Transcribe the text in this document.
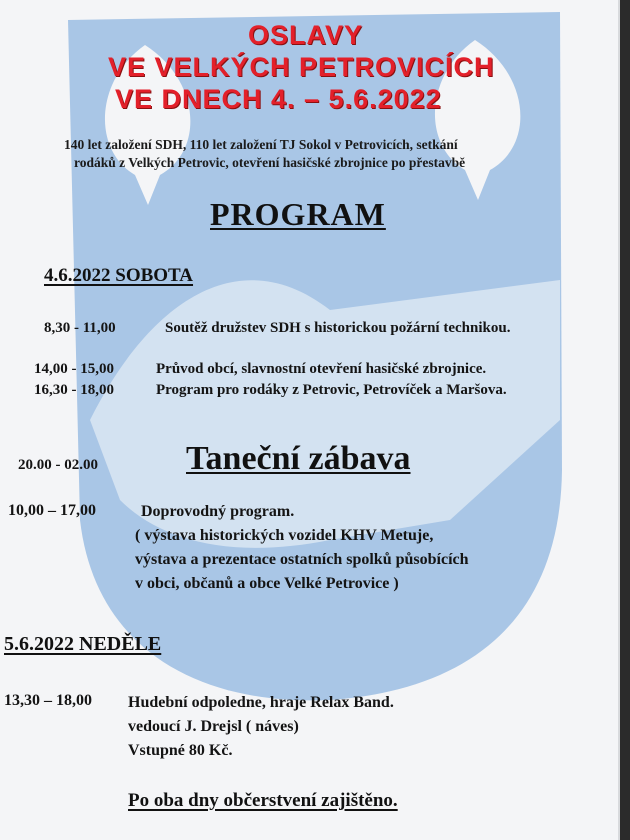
OSLAVY
VE VELKÝCH PETROVICÍCH
VE DNECH 4. – 5.6.2022
140 let založení SDH, 110 let založení TJ Sokol v Petrovicích, setkání
rodáků z Velkých Petrovic, otevření hasičské zbrojnice po přestavbě
PROGRAM
4.6.2022 SOBOTA
8,30 - 11,00	Soutěž družstev SDH s historickou požární technikou.
14,00 - 15,00	Průvod obcí, slavnostní otevření hasičské zbrojnice.
16,30 - 18,00	Program pro rodáky z Petrovic, Petrovíček a Maršova.
20.00 - 02.00	Taneční zábava
10,00 – 17,00	Doprovodný program.
( výstava historických vozidel KHV Metuje,
výstava a prezentace ostatních spolků působících
v obci, občanů a obce Velké Petrovice )
5.6.2022 NEDĚLE
13,30 – 18,00 Hudební odpoledne, hraje Relax Band.
vedoucí J. Drejsl ( náves)
Vstupné 80 Kč.
Po oba dny občerstvení zajištěno.
